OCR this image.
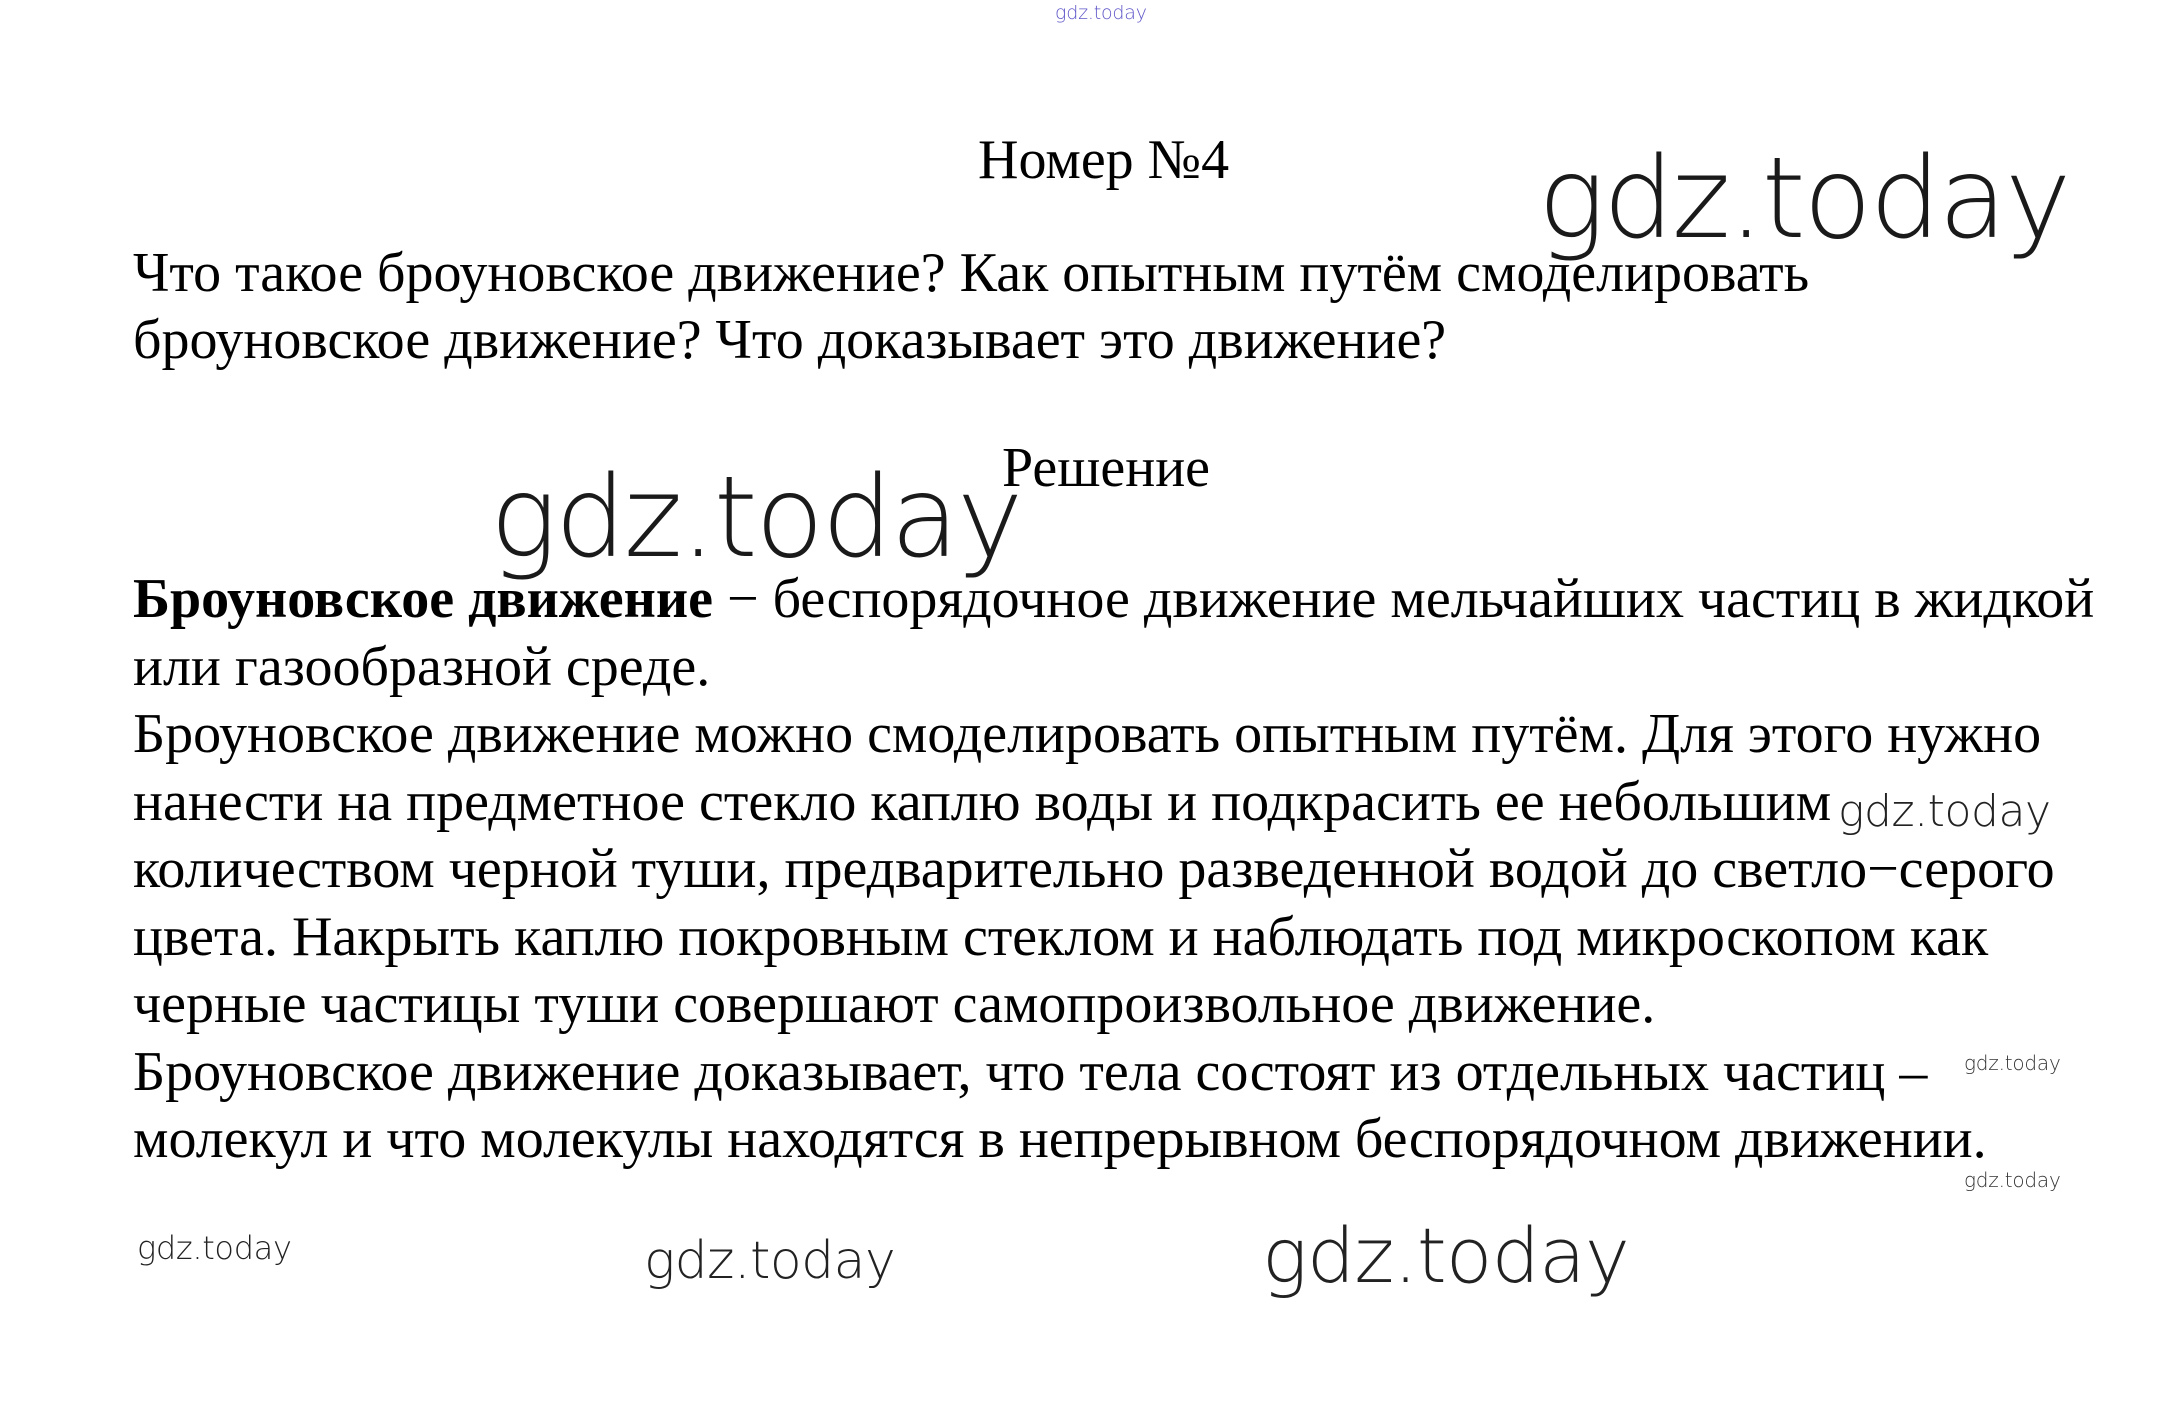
gdz.today
Номер №4	gdz.today
Что такое броуновское движение? Как опытным путём смоделировать броуновское движение? Что доказывает это движение?
Решение
gdz.today

Броуновское движение − беспорядочное движение мельчайших частиц в жидкой или газообразной среде.

Броуновское движение можно смоделировать опытным путём. Для этого нужно нанести на предметное стекло каплю воды и подкрасить ее небольшим количеством черной туши, предварительно разведенной водой до светло−серого цвета. Накрыть каплю покровным стеклом и наблюдать под микроскопом как черные частицы туши совершают самопроизвольное движение.

Броуновское движение доказывает, что тела состоят из отдельных частиц – молекул и что молекулы находятся в непрерывном беспорядочном движении.

gdz.today
gdz.today
gdz.today
gdz.today	gdz.today	gdz.today
